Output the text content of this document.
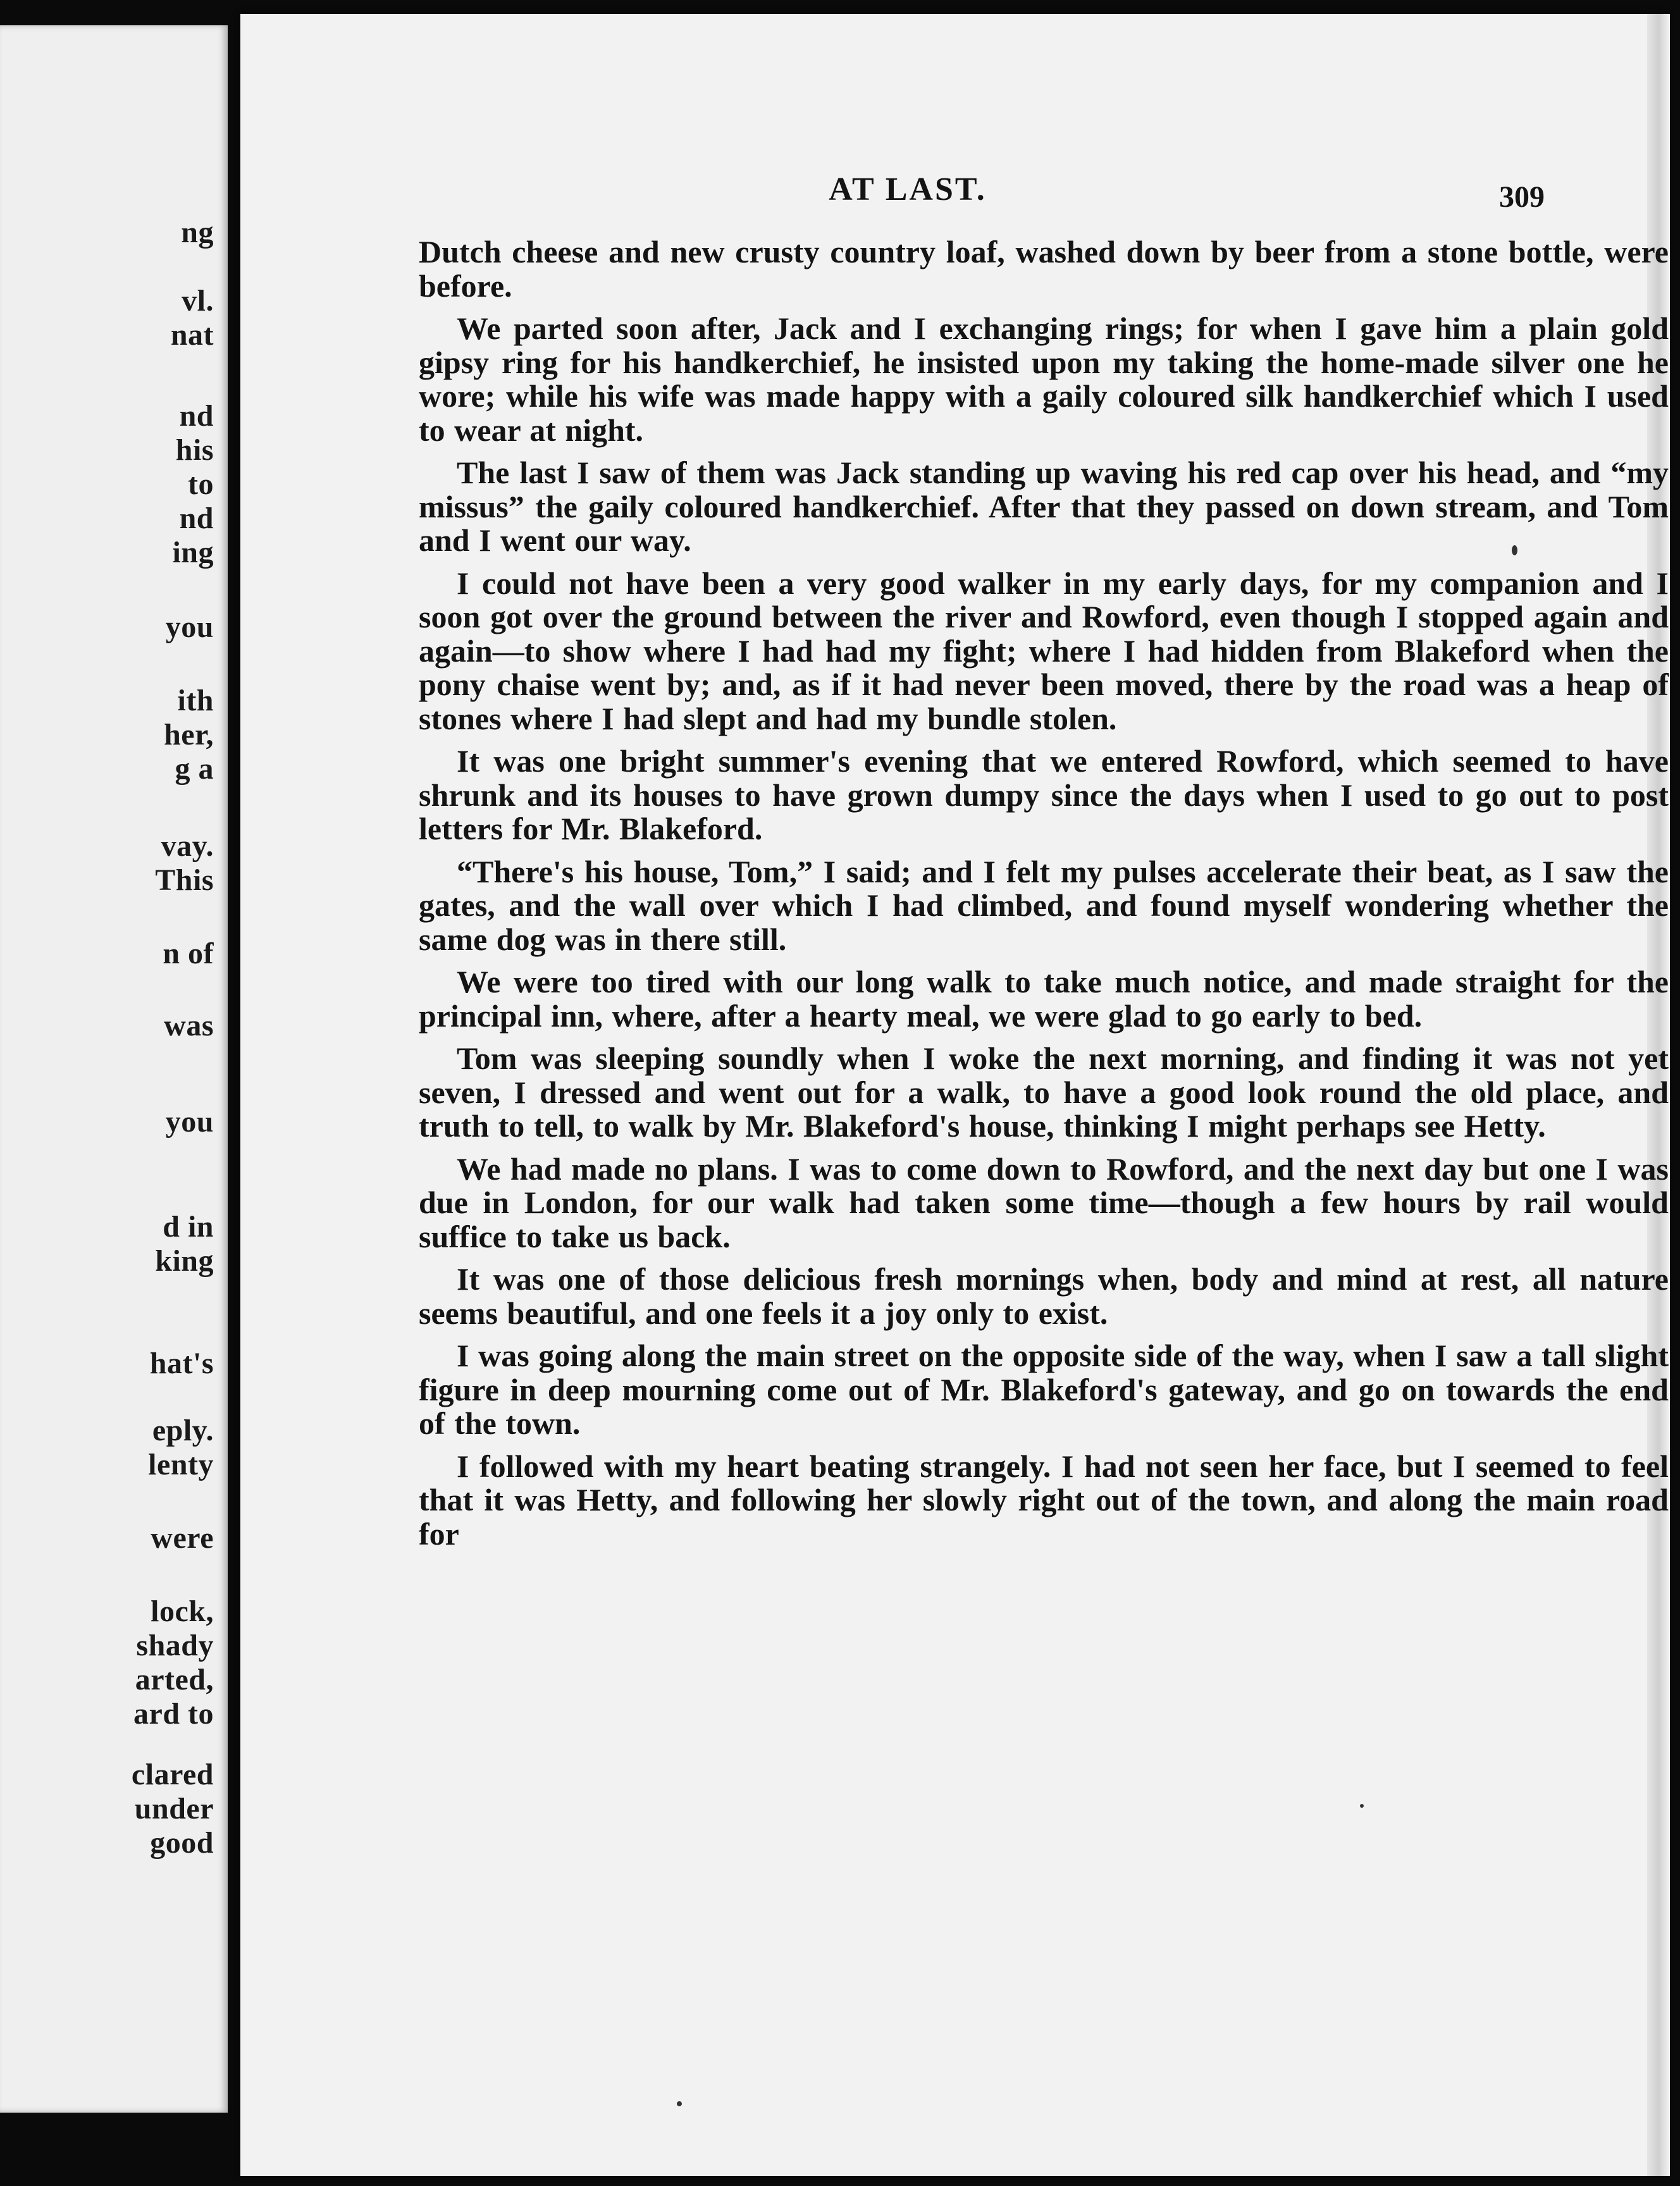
ng
vl.
nat
nd
his
to
nd
ing
you
ith
her,
g a
vay.
This
n of
was
you
d in
king
hat's
eply.
lenty
were
lock,
shady
arted,
ard to
clared
under
good
AT LAST.	309

Dutch cheese and new crusty country loaf, washed down by beer from a stone bottle, were before.

We parted soon after, Jack and I exchanging rings; for when I gave him a plain gold gipsy ring for his handkerchief, he insisted upon my taking the home-made silver one he wore; while his wife was made happy with a gaily coloured silk handkerchief which I used to wear at night.

The last I saw of them was Jack standing up waving his red cap over his head, and “my missus” the gaily coloured handkerchief. After that they passed on down stream, and Tom and I went our way.

I could not have been a very good walker in my early days, for my companion and I soon got over the ground between the river and Rowford, even though I stopped again and again—to show where I had had my fight; where I had hidden from Blakeford when the pony chaise went by; and, as if it had never been moved, there by the road was a heap of stones where I had slept and had my bundle stolen.

It was one bright summer's evening that we entered Rowford, which seemed to have shrunk and its houses to have grown dumpy since the days when I used to go out to post letters for Mr. Blakeford.

“There's his house, Tom,” I said; and I felt my pulses accelerate their beat, as I saw the gates, and the wall over which I had climbed, and found myself wondering whether the same dog was in there still.

We were too tired with our long walk to take much notice, and made straight for the principal inn, where, after a hearty meal, we were glad to go early to bed.

Tom was sleeping soundly when I woke the next morning, and finding it was not yet seven, I dressed and went out for a walk, to have a good look round the old place, and truth to tell, to walk by Mr. Blakeford's house, thinking I might perhaps see Hetty.

We had made no plans. I was to come down to Rowford, and the next day but one I was due in London, for our walk had taken some time—though a few hours by rail would suffice to take us back.

It was one of those delicious fresh mornings when, body and mind at rest, all nature seems beautiful, and one feels it a joy only to exist.

I was going along the main street on the opposite side of the way, when I saw a tall slight figure in deep mourning come out of Mr. Blakeford's gateway, and go on towards the end of the town.

I followed with my heart beating strangely. I had not seen her face, but I seemed to feel that it was Hetty, and following her slowly right out of the town, and along the main road for
